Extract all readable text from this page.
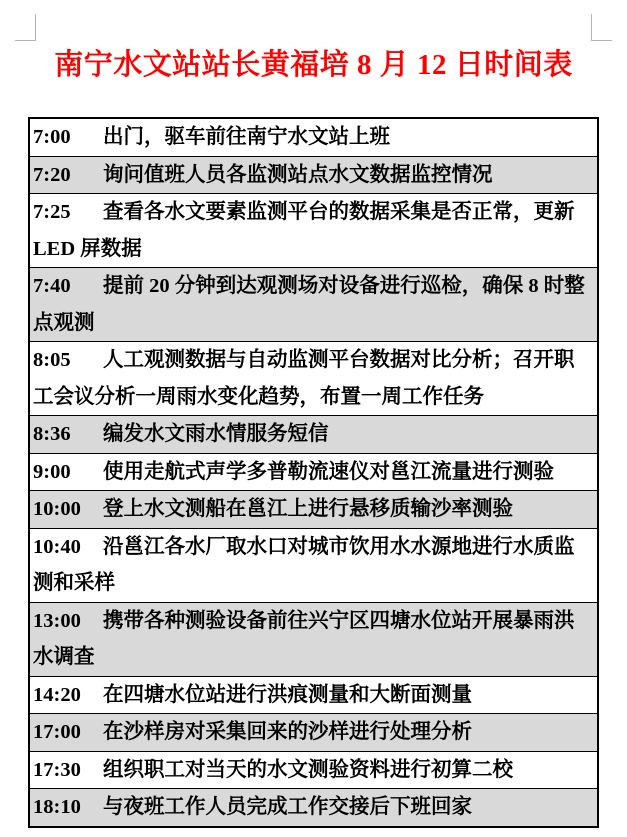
南宁水文站站长黄福培 8 月 12 日时间表
7:00 出门，驱车前往南宁水文站上班
7:20 询问值班人员各监测站点水文数据监控情况
7:25 查看各水文要素监测平台的数据采集是否正常，更新 LED 屏数据
7:40 提前 20 分钟到达观测场对设备进行巡检，确保 8 时整点观测
8:05 人工观测数据与自动监测平台数据对比分析；召开职工会议分析一周雨水变化趋势，布置一周工作任务
8:36 编发水文雨水情服务短信
9:00 使用走航式声学多普勒流速仪对邕江流量进行测验
10:00 登上水文测船在邕江上进行悬移质输沙率测验
10:40 沿邕江各水厂取水口对城市饮用水水源地进行水质监测和采样
13:00 携带各种测验设备前往兴宁区四塘水位站开展暴雨洪水调查
14:20 在四塘水位站进行洪痕测量和大断面测量
17:00 在沙样房对采集回来的沙样进行处理分析
17:30 组织职工对当天的水文测验资料进行初算二校
18:10 与夜班工作人员完成工作交接后下班回家
